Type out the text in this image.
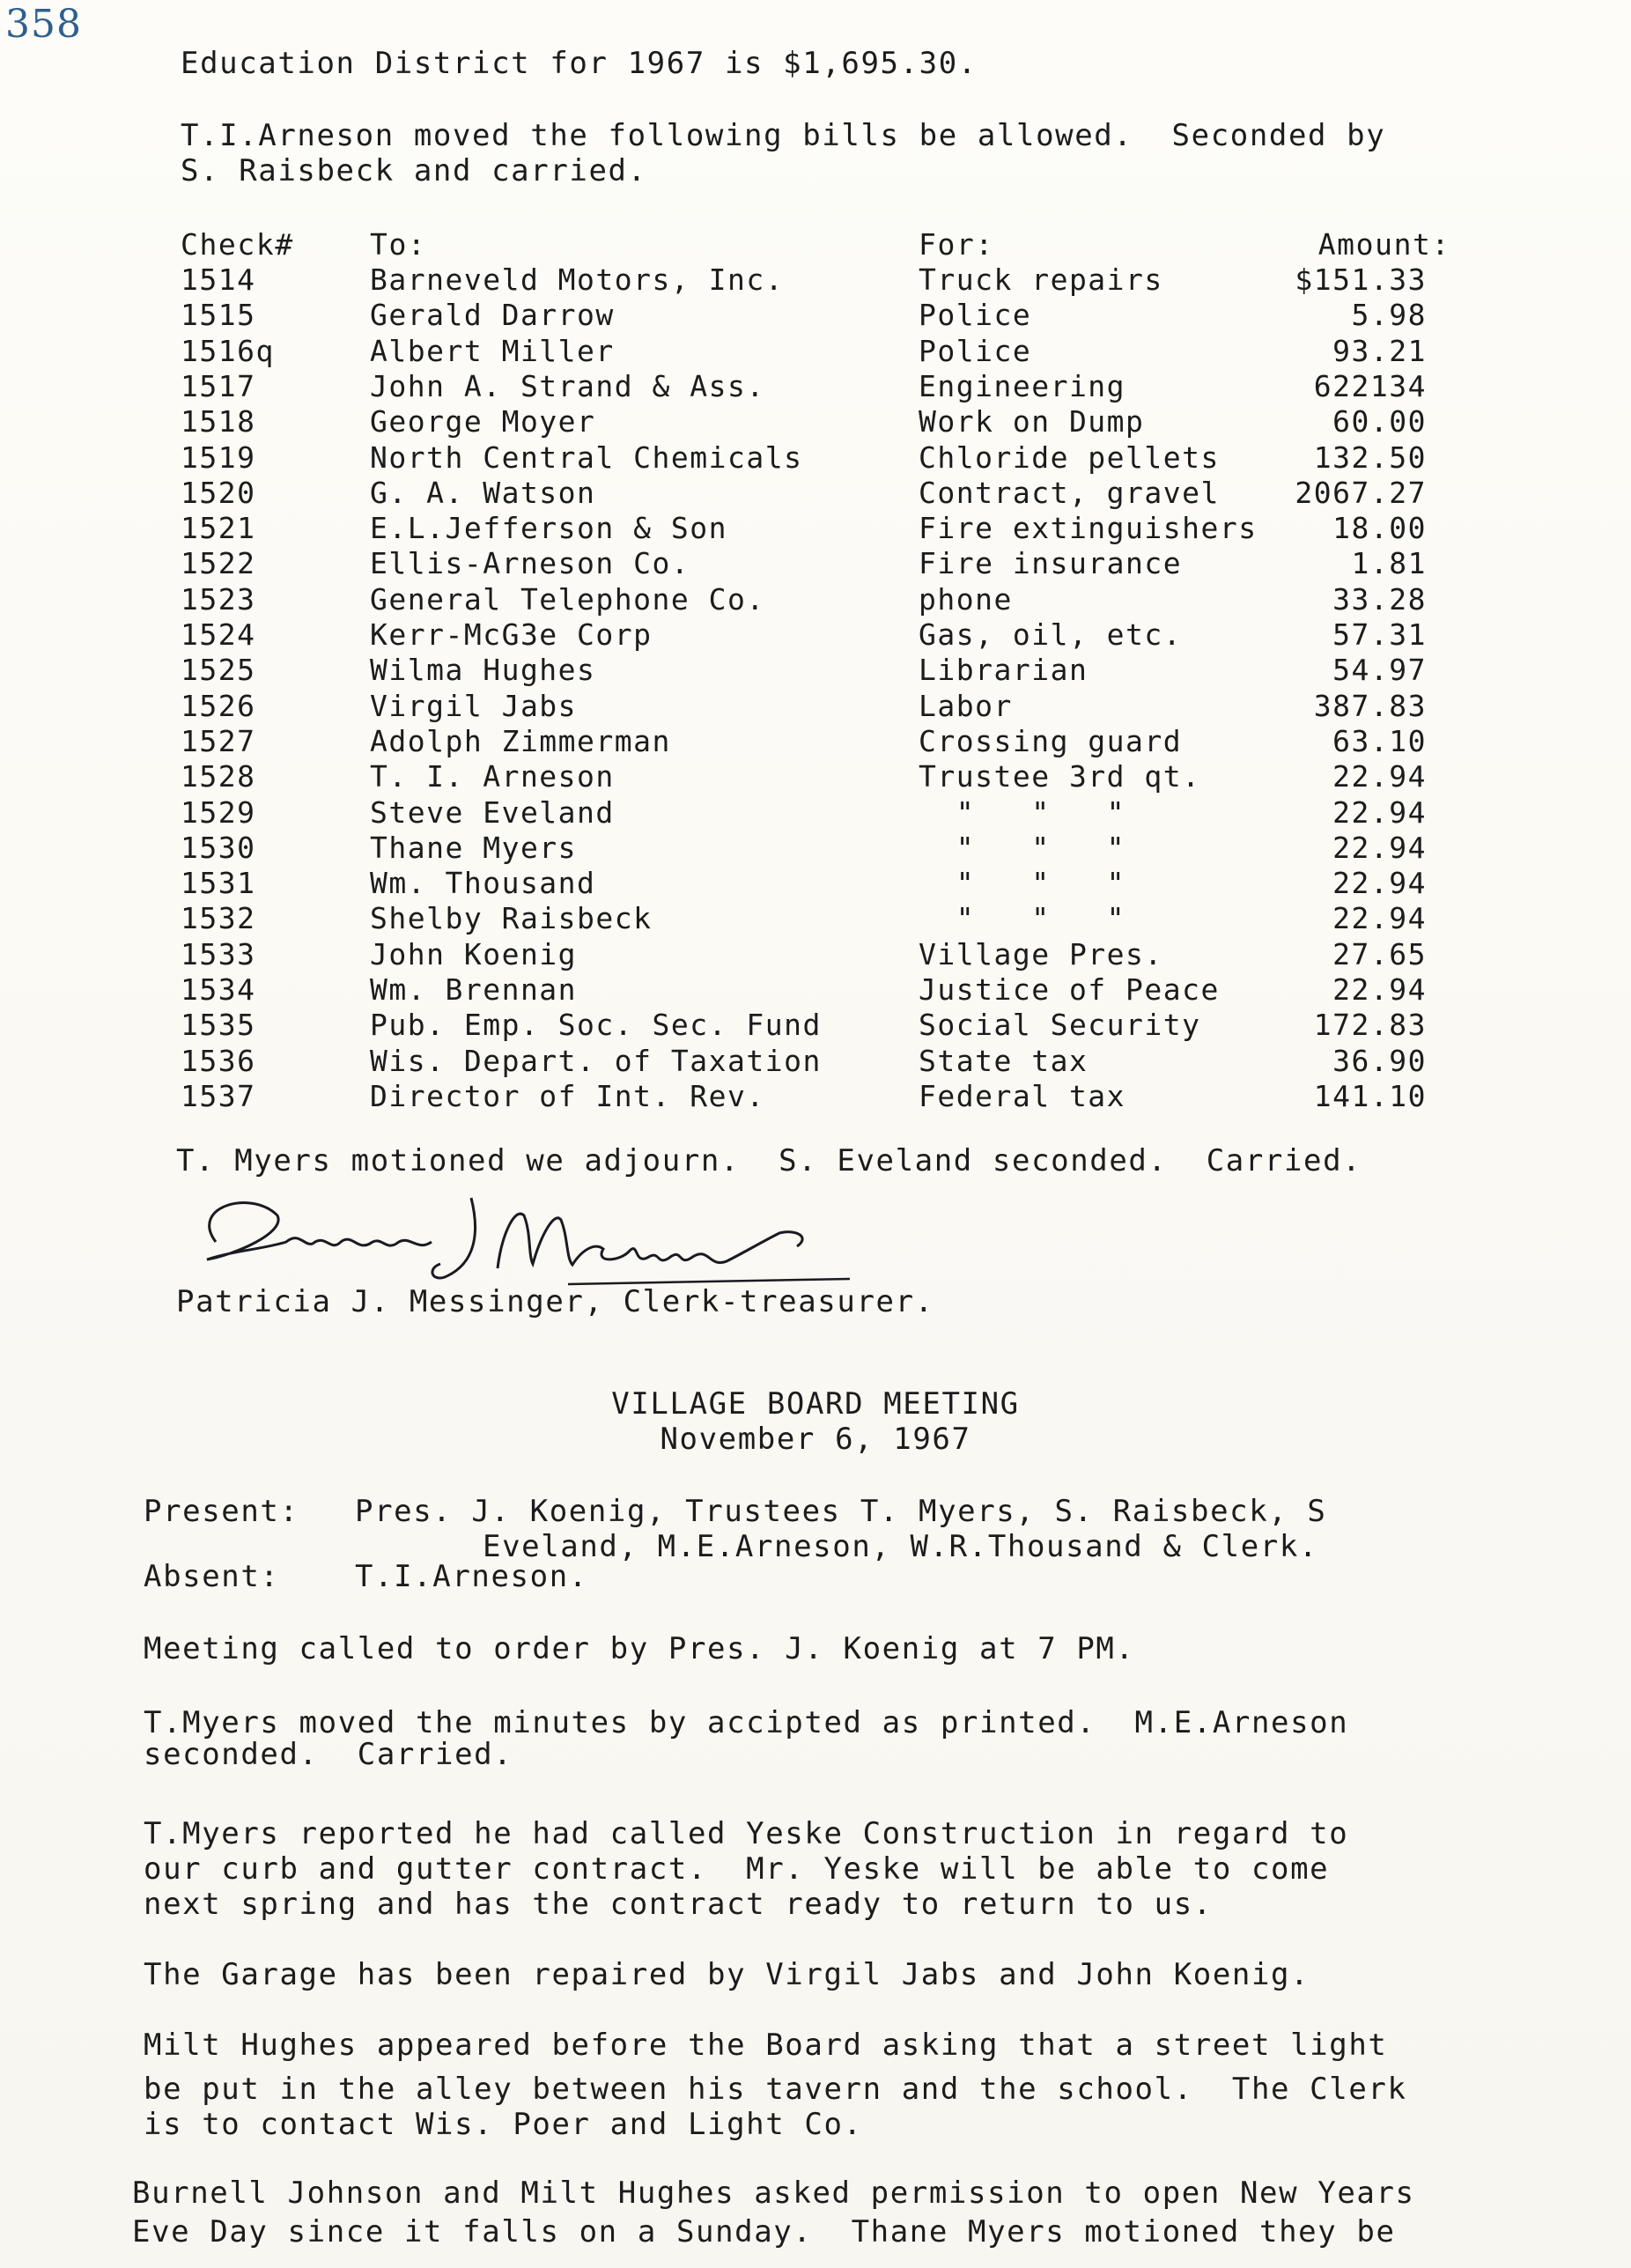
358
Education District for 1967 is $1,695.30.
T.I.Arneson moved the following bills be allowed.  Seconded by
S. Raisbeck and carried.
Check#	To:	For:	Amount:
1514	Barneveld Motors, Inc.	Truck repairs	$151.33
1515	Gerald Darrow	Police	5.98
1516q	Albert Miller	Police	93.21
1517	John A. Strand & Ass.	Engineering	622134
1518	George Moyer	Work on Dump	60.00
1519	North Central Chemicals	Chloride pellets	132.50
1520	G. A. Watson	Contract, gravel	2067.27
1521	E.L.Jefferson & Son	Fire extinguishers	18.00
1522	Ellis-Arneson Co.	Fire insurance	1.81
1523	General Telephone Co.	phone	33.28
1524	Kerr-McG3e Corp	Gas, oil, etc.	57.31
1525	Wilma Hughes	Librarian	54.97
1526	Virgil Jabs	Labor	387.83
1527	Adolph Zimmerman	Crossing guard	63.10
1528	T. I. Arneson	Trustee 3rd qt.	22.94
1529	Steve Eveland	"   "   "	22.94
1530	Thane Myers	"   "   "	22.94
1531	Wm. Thousand	"   "   "	22.94
1532	Shelby Raisbeck	"   "   "	22.94
1533	John Koenig	Village Pres.	27.65
1534	Wm. Brennan	Justice of Peace	22.94
1535	Pub. Emp. Soc. Sec. Fund	Social Security	172.83
1536	Wis. Depart. of Taxation	State tax	36.90
1537	Director of Int. Rev.	Federal tax	141.10
T. Myers motioned we adjourn.  S. Eveland seconded.  Carried.
Patricia J. Messinger, Clerk-treasurer.
VILLAGE BOARD MEETING
November 6, 1967
Present: Pres. J. Koenig, Trustees T. Myers, S. Raisbeck, S
Eveland, M.E.Arneson, W.R.Thousand & Clerk.
Absent:	T.I.Arneson.
Meeting called to order by Pres. J. Koenig at 7 PM.
T.Myers moved the minutes by accipted as printed.  M.E.Arneson
seconded.  Carried.
T.Myers reported he had called Yeske Construction in regard to
our curb and gutter contract.  Mr. Yeske will be able to come
next spring and has the contract ready to return to us.
The Garage has been repaired by Virgil Jabs and John Koenig.
Milt Hughes appeared before the Board asking that a street light
be put in the alley between his tavern and the school.  The Clerk
is to contact Wis. Poer and Light Co.
Burnell Johnson and Milt Hughes asked permission to open New Years
Eve Day since it falls on a Sunday.  Thane Myers motioned they be
